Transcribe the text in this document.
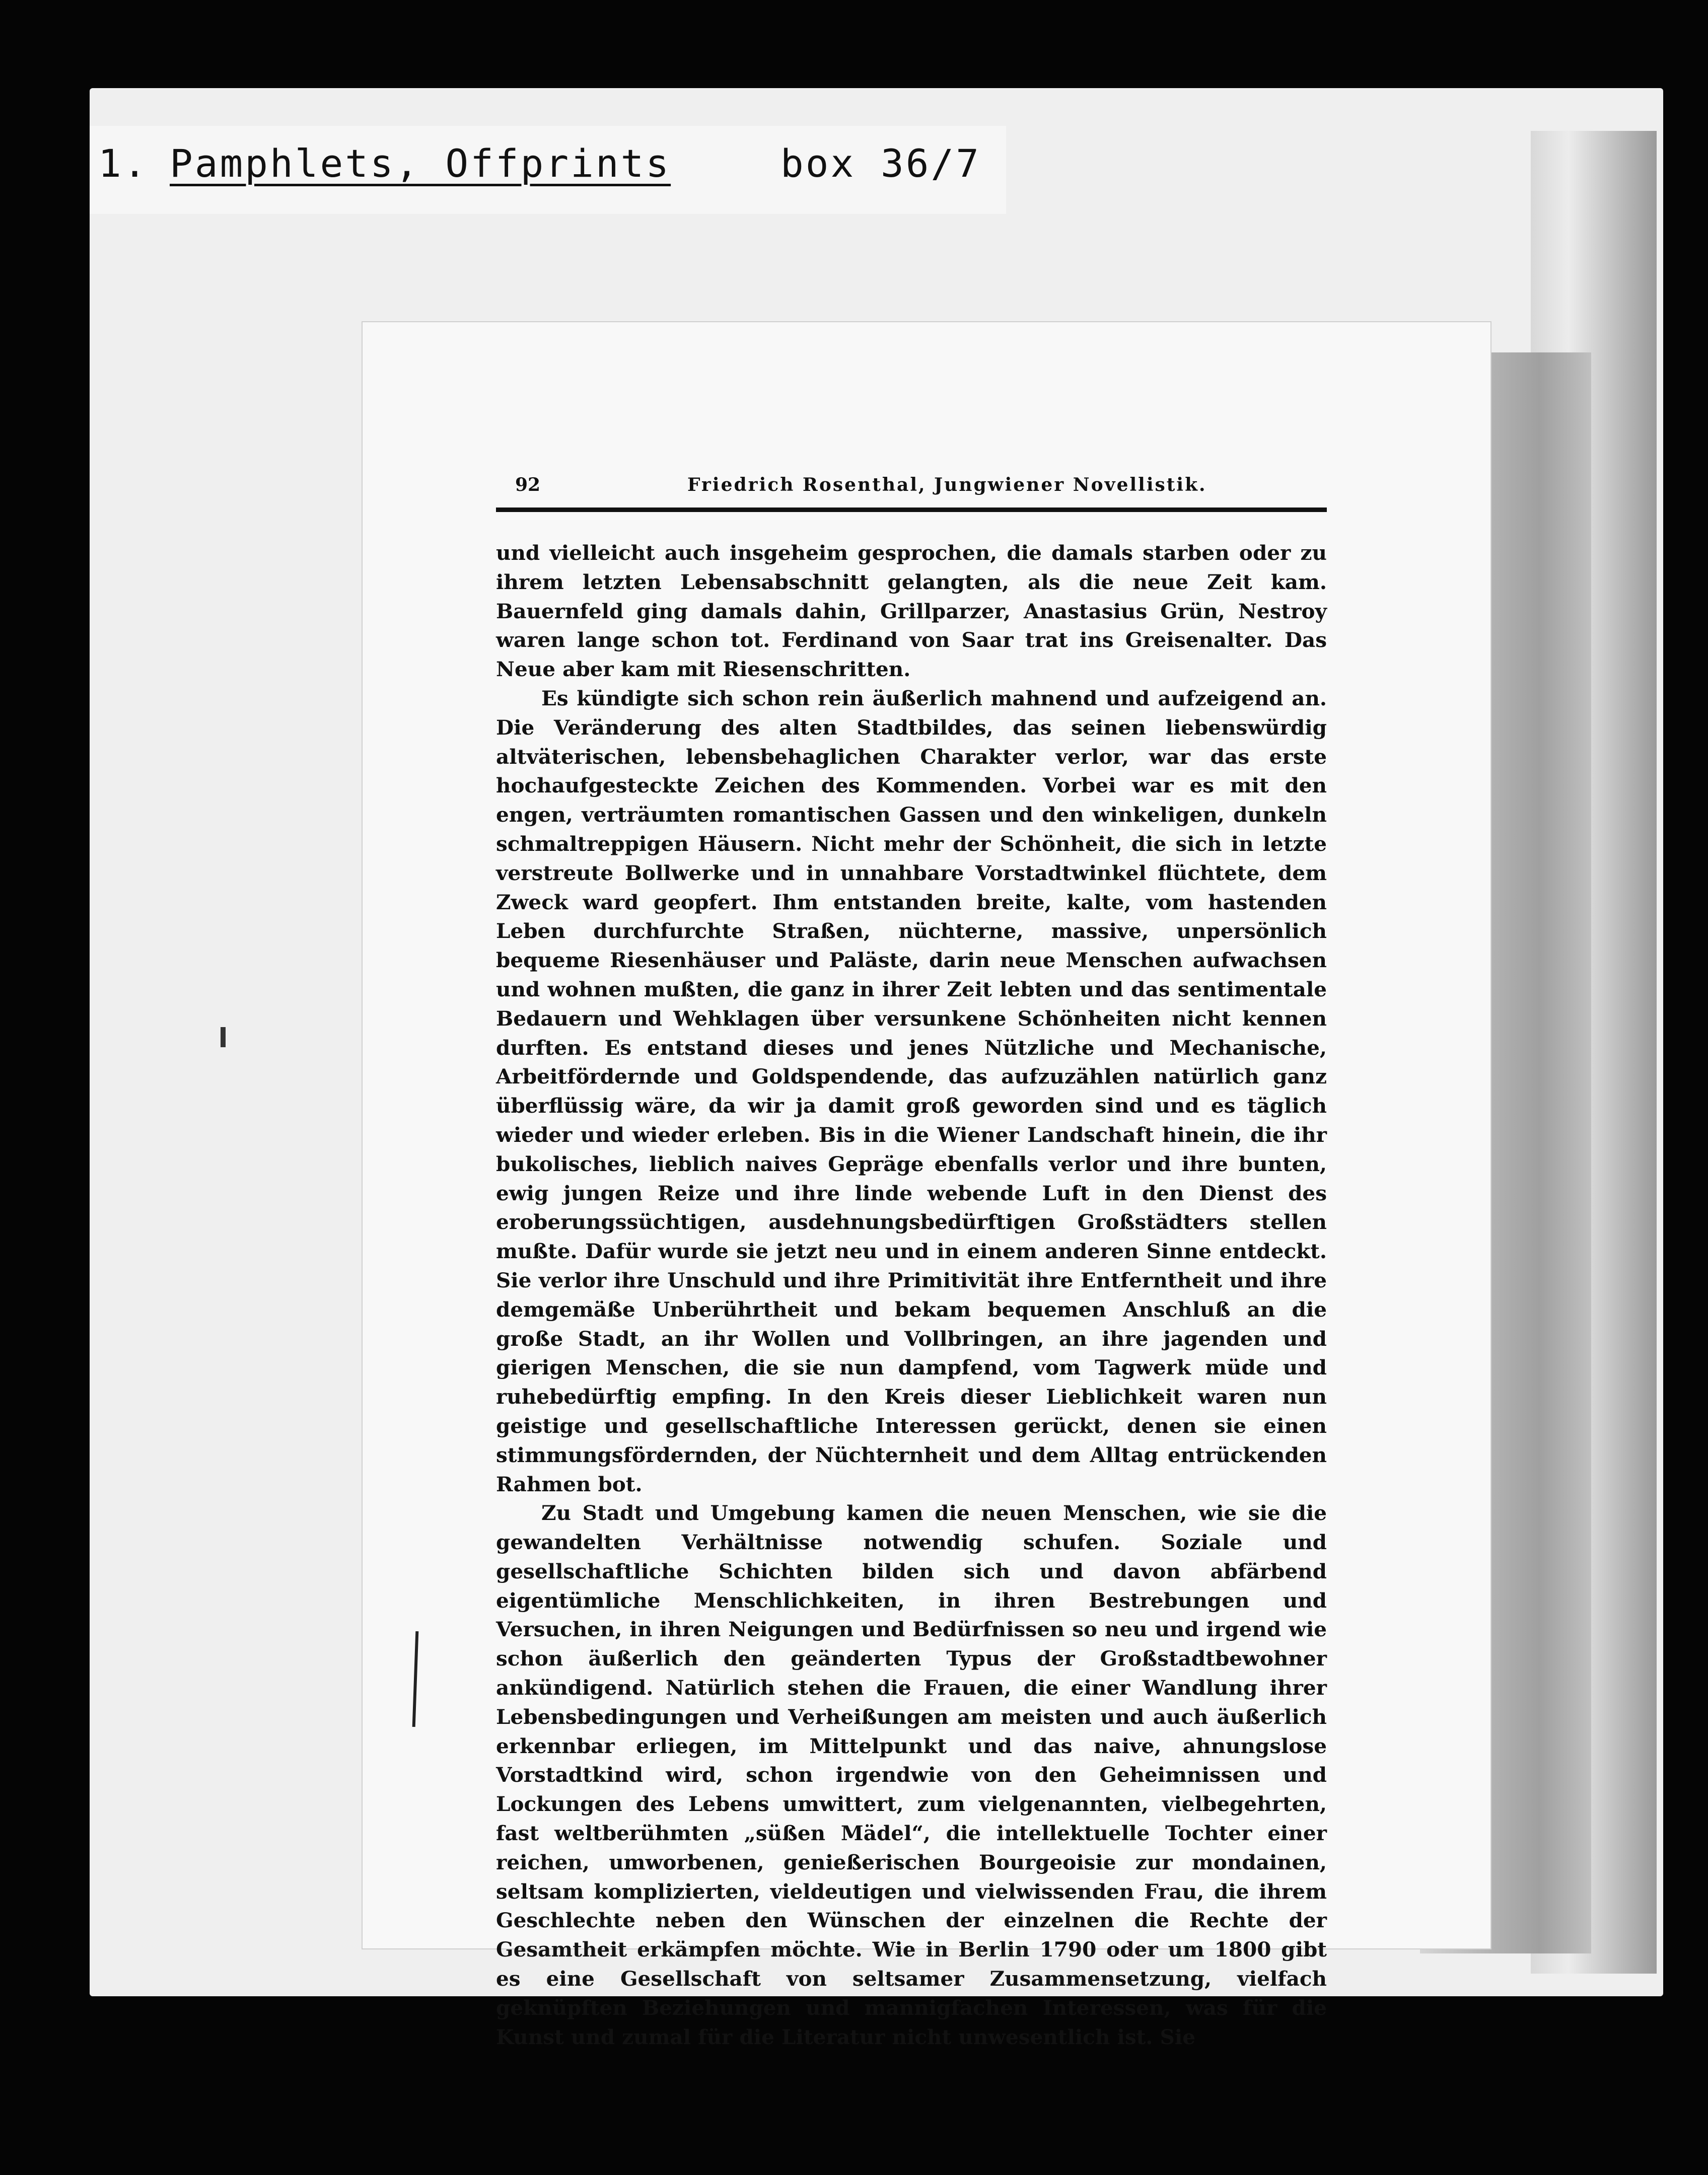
1. Pamphlets, Offprints	box 36/7
92	Friedrich Rosenthal, Jungwiener Novellistik.

und vielleicht auch insgeheim gesprochen, die damals starben oder zu ihrem letzten Lebensabschnitt gelangten, als die neue Zeit kam. Bauernfeld ging damals dahin, Grillparzer, Anastasius Grün, Nestroy waren lange schon tot. Ferdinand von Saar trat ins Greisenalter. Das Neue aber kam mit Riesenschritten.

Es kündigte sich schon rein äußerlich mahnend und aufzeigend an. Die Veränderung des alten Stadtbildes, das seinen liebenswürdig altväterischen, lebensbehaglichen Charakter verlor, war das erste hochaufgesteckte Zeichen des Kommenden. Vorbei war es mit den engen, verträumten romantischen Gassen und den winkeligen, dunkeln schmaltreppigen Häusern. Nicht mehr der Schönheit, die sich in letzte verstreute Bollwerke und in unnahbare Vorstadtwinkel flüchtete, dem Zweck ward geopfert. Ihm entstanden breite, kalte, vom hastenden Leben durchfurchte Straßen, nüchterne, massive, unpersönlich bequeme Riesenhäuser und Paläste, darin neue Menschen aufwachsen und wohnen mußten, die ganz in ihrer Zeit lebten und das sentimentale Bedauern und Wehklagen über versunkene Schönheiten nicht kennen durften. Es entstand dieses und jenes Nützliche und Mechanische, Arbeitfördernde und Goldspendende, das aufzuzählen natürlich ganz überflüssig wäre, da wir ja damit groß geworden sind und es täglich wieder und wieder erleben. Bis in die Wiener Landschaft hinein, die ihr bukolisches, lieblich naives Gepräge ebenfalls verlor und ihre bunten, ewig jungen Reize und ihre linde webende Luft in den Dienst des eroberungssüchtigen, ausdehnungsbedürftigen Großstädters stellen mußte. Dafür wurde sie jetzt neu und in einem anderen Sinne entdeckt. Sie verlor ihre Unschuld und ihre Primitivität ihre Entferntheit und ihre demgemäße Unberührtheit und bekam bequemen Anschluß an die große Stadt, an ihr Wollen und Vollbringen, an ihre jagenden und gierigen Menschen, die sie nun dampfend, vom Tagwerk müde und ruhebedürftig empfing. In den Kreis dieser Lieblichkeit waren nun geistige und gesellschaftliche Interessen gerückt, denen sie einen stimmungsfördernden, der Nüchternheit und dem Alltag entrückenden Rahmen bot.

Zu Stadt und Umgebung kamen die neuen Menschen, wie sie die gewandelten Verhältnisse notwendig schufen. Soziale und gesellschaftliche Schichten bilden sich und davon abfärbend eigentümliche Menschlichkeiten, in ihren Bestrebungen und Versuchen, in ihren Neigungen und Bedürfnissen so neu und irgend wie schon äußerlich den geänderten Typus der Großstadtbewohner ankündigend. Natürlich stehen die Frauen, die einer Wandlung ihrer Lebensbedingungen und Verheißungen am meisten und auch äußerlich erkennbar erliegen, im Mittelpunkt und das naive, ahnungslose Vorstadtkind wird, schon irgendwie von den Geheimnissen und Lockungen des Lebens umwittert, zum vielgenannten, vielbegehrten, fast weltberühmten „süßen Mädel“, die intellektuelle Tochter einer reichen, umworbenen, genießerischen Bourgeoisie zur mondainen, seltsam komplizierten, vieldeutigen und vielwissenden Frau, die ihrem Geschlechte neben den Wünschen der einzelnen die Rechte der Gesamtheit erkämpfen möchte. Wie in Berlin 1790 oder um 1800 gibt es eine Gesellschaft von seltsamer Zusammensetzung, vielfach geknüpften Beziehungen und mannigfachen Interessen, was für die Kunst und zumal für die Literatur nicht unwesentlich ist. Sie
